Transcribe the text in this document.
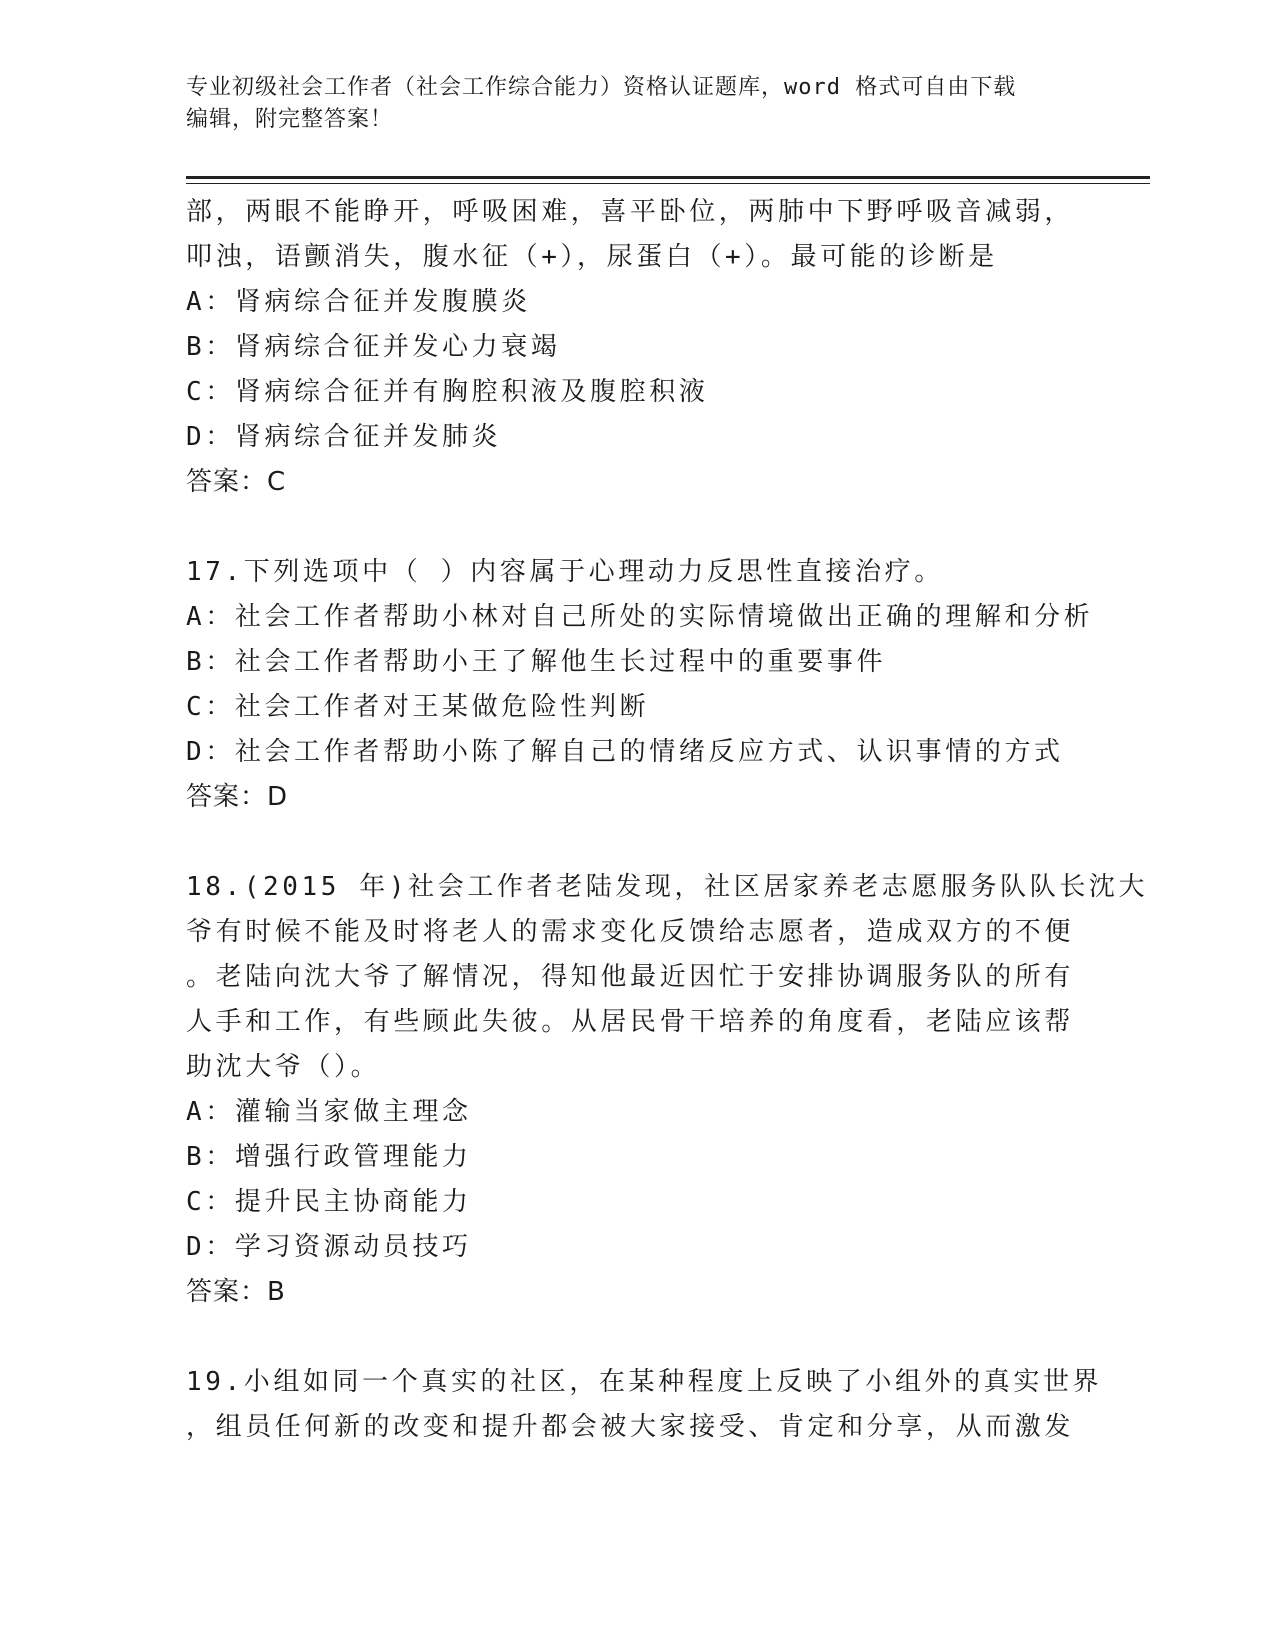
专业初级社会工作者（社会工作综合能力）资格认证题库，word 格式可自由下载
编辑，附完整答案！
部，两眼不能睁开，呼吸困难，喜平卧位，两肺中下野呼吸音减弱，
叩浊，语颤消失，腹水征（+），尿蛋白（+）。最可能的诊断是
A：肾病综合征并发腹膜炎
B：肾病综合征并发心力衰竭
C：肾病综合征并有胸腔积液及腹腔积液
D：肾病综合征并发肺炎
答案：C
17.下列选项中（ ）内容属于心理动力反思性直接治疗。
A：社会工作者帮助小林对自己所处的实际情境做出正确的理解和分析
B：社会工作者帮助小王了解他生长过程中的重要事件
C：社会工作者对王某做危险性判断
D：社会工作者帮助小陈了解自己的情绪反应方式、认识事情的方式
答案：D
18.(2015 年)社会工作者老陆发现，社区居家养老志愿服务队队长沈大
爷有时候不能及时将老人的需求变化反馈给志愿者，造成双方的不便
。老陆向沈大爷了解情况，得知他最近因忙于安排协调服务队的所有
人手和工作，有些顾此失彼。从居民骨干培养的角度看，老陆应该帮
助沈大爷（）。
A：灌输当家做主理念
B：增强行政管理能力
C：提升民主协商能力
D：学习资源动员技巧
答案：B
19.小组如同一个真实的社区，在某种程度上反映了小组外的真实世界
，组员任何新的改变和提升都会被大家接受、肯定和分享，从而激发
